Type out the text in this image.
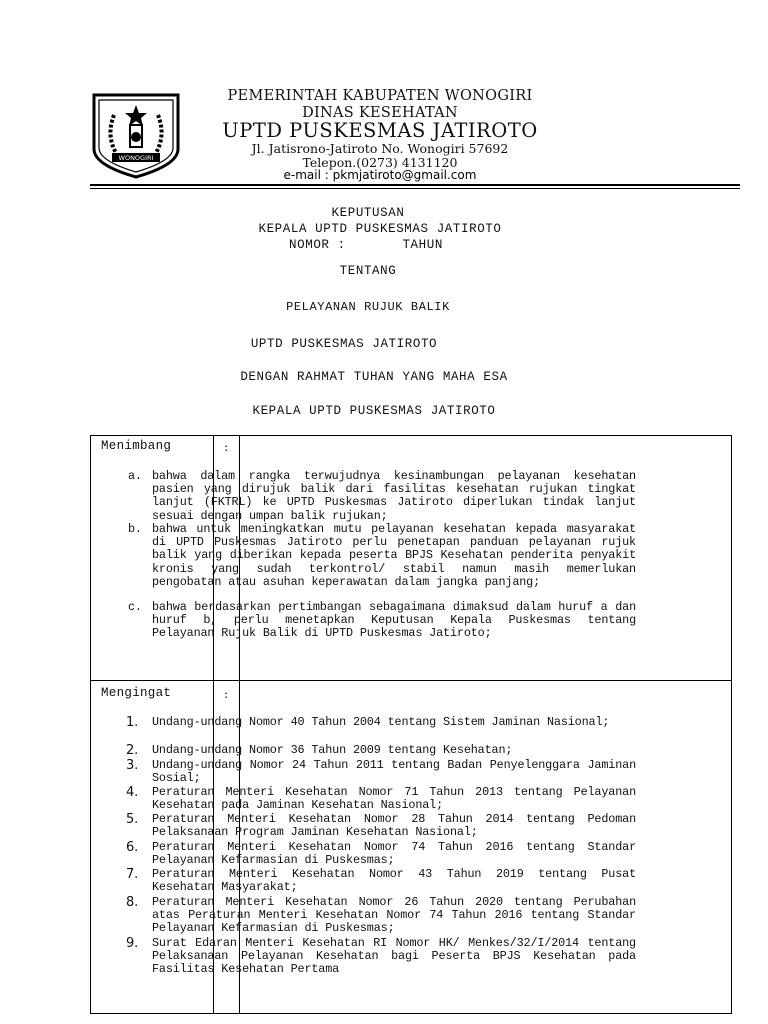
WONOGIRI
PEMERINTAH KABUPATEN WONOGIRI
DINAS KESEHATAN
UPTD PUSKESMAS JATIROTO
Jl. Jatisrono-Jatiroto No. Wonogiri 57692
Telepon.(0273) 4131120
e-mail : pkmjatiroto@gmail.com
KEPUTUSAN
KEPALA UPTD PUSKESMAS JATIROTO
NOMOR :       TAHUN
TENTANG
PELAYANAN RUJUK BALIK
UPTD PUSKESMAS JATIROTO
DENGAN RAHMAT TUHAN YANG MAHA ESA
KEPALA UPTD PUSKESMAS JATIROTO
Menimbang	:
Mengingat	:
a. bahwa dalam rangka terwujudnya kesinambungan pelayanan kesehatan pasien yang dirujuk balik dari fasilitas kesehatan rujukan tingkat lanjut (FKTRL) ke UPTD Puskesmas Jatiroto diperlukan tindak lanjut sesuai dengan umpan balik rujukan;
b. bahwa untuk meningkatkan mutu pelayanan kesehatan kepada masyarakat di UPTD Puskesmas Jatiroto perlu penetapan panduan pelayanan rujuk balik yang diberikan kepada peserta BPJS Kesehatan penderita penyakit kronis yang sudah terkontrol/ stabil namun masih memerlukan pengobatan atau asuhan keperawatan dalam jangka panjang;
c. bahwa berdasarkan pertimbangan sebagaimana dimaksud dalam huruf a dan huruf b, perlu menetapkan Keputusan Kepala Puskesmas tentang Pelayanan Rujuk Balik di UPTD Puskesmas Jatiroto;
1. Undang-undang Nomor 40 Tahun 2004 tentang Sistem Jaminan Nasional;
2. Undang-undang Nomor 36 Tahun 2009 tentang Kesehatan;
3. Undang-undang Nomor 24 Tahun 2011 tentang Badan Penyelenggara Jaminan Sosial;
4. Peraturan Menteri Kesehatan Nomor 71 Tahun 2013 tentang Pelayanan Kesehatan pada Jaminan Kesehatan Nasional;
5. Peraturan Menteri Kesehatan Nomor 28 Tahun 2014 tentang Pedoman Pelaksanaan Program Jaminan Kesehatan Nasional;
6. Peraturan Menteri Kesehatan Nomor 74 Tahun 2016 tentang Standar Pelayanan Kefarmasian di Puskesmas;
7. Peraturan Menteri Kesehatan Nomor 43 Tahun 2019 tentang Pusat Kesehatan Masyarakat;
8. Peraturan Menteri Kesehatan Nomor 26 Tahun 2020 tentang Perubahan atas Peraturan Menteri Kesehatan Nomor 74 Tahun 2016 tentang Standar Pelayanan Kefarmasian di Puskesmas;
9. Surat Edaran Menteri Kesehatan RI Nomor HK/ Menkes/32/I/2014 tentang Pelaksanaan Pelayanan Kesehatan bagi Peserta BPJS Kesehatan pada Fasilitas Kesehatan Pertama
